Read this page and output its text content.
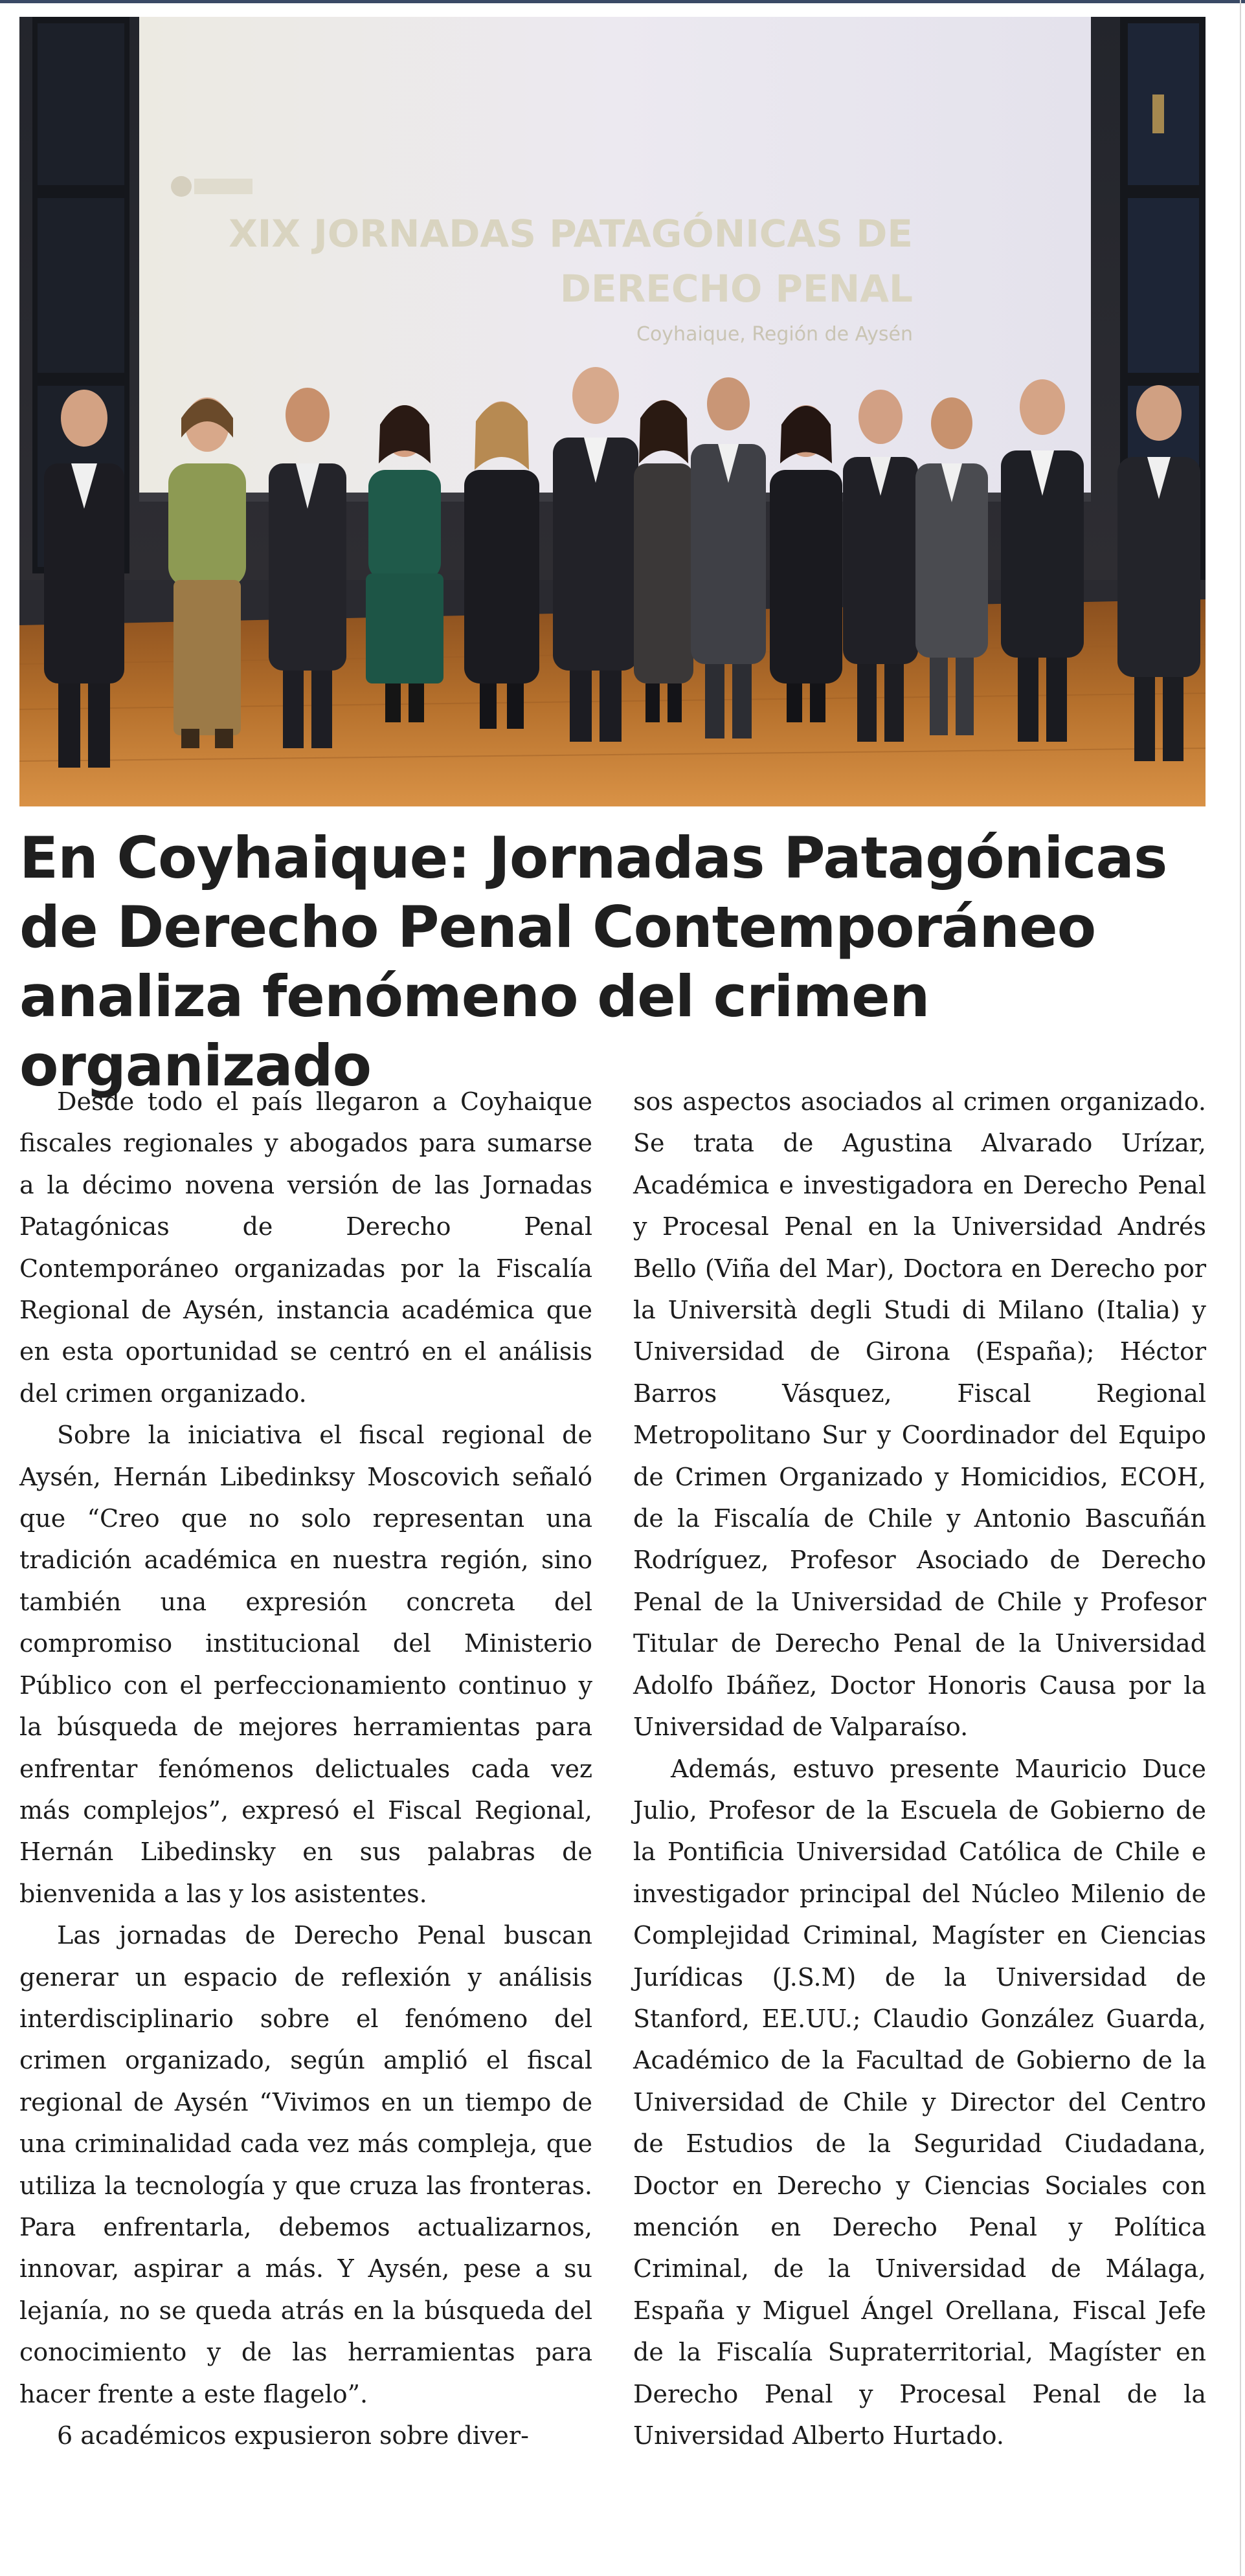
XIX JORNADAS PATAGÓNICAS DE
DERECHO PENAL
Coyhaique, Región de Aysén
En Coyhaique: Jornadas Patagónicas de Derecho Penal Contemporáneo analiza fenómeno del crimen organizado

Desde todo el país llegaron a Coyhaique fiscales regionales y abogados para sumarse a la décimo novena versión de las Jornadas Patagónicas de Derecho Penal Contemporáneo organizadas por la Fiscalía Regional de Aysén, instancia académica que en esta oportunidad se centró en el análisis del crimen organizado.

Sobre la iniciativa el fiscal regional de Aysén, Hernán Libedinksy Moscovich señaló que “Creo que no solo representan una tradición académica en nuestra región, sino también una expresión concreta del compromiso institucional del Ministerio Público con el perfeccionamiento continuo y la búsqueda de mejores herramientas para enfrentar fenómenos delictuales cada vez más complejos”, expresó el Fiscal Regional, Hernán Libedinsky en sus palabras de bienvenida a las y los asistentes.

Las jornadas de Derecho Penal buscan generar un espacio de reflexión y análisis interdisciplinario sobre el fenómeno del crimen organizado, según amplió el fiscal regional de Aysén “Vivimos en un tiempo de una criminalidad cada vez más compleja, que utiliza la tecnología y que cruza las fronteras. Para enfrentarla, debemos actualizarnos, innovar, aspirar a más. Y Aysén, pese a su lejanía, no se queda atrás en la búsqueda del conocimiento y de las herramientas para hacer frente a este flagelo”.

6 académicos expusieron sobre diver-

sos aspectos asociados al crimen organizado. Se trata de Agustina Alvarado Urízar, Académica e investigadora en Derecho Penal y Procesal Penal en la Universidad Andrés Bello (Viña del Mar), Doctora en Derecho por la Università degli Studi di Milano (Italia) y Universidad de Girona (España); Héctor Barros Vásquez, Fiscal Regional Metropolitano Sur y Coordinador del Equipo de Crimen Organizado y Homicidios, ECOH, de la Fiscalía de Chile y Antonio Bascuñán Rodríguez, Profesor Asociado de Derecho Penal de la Universidad de Chile y Profesor Titular de Derecho Penal de la Universidad Adolfo Ibáñez, Doctor Honoris Causa por la Universidad de Valparaíso.

Además, estuvo presente Mauricio Duce Julio, Profesor de la Escuela de Gobierno de la Pontificia Universidad Católica de Chile e investigador principal del Núcleo Milenio de Complejidad Criminal, Magíster en Ciencias Jurídicas (J.S.M) de la Universidad de Stanford, EE.UU.; Claudio González Guarda, Académico de la Facultad de Gobierno de la Universidad de Chile y Director del Centro de Estudios de la Seguridad Ciudadana, Doctor en Derecho y Ciencias Sociales con mención en Derecho Penal y Política Criminal, de la Universidad de Málaga, España y Miguel Ángel Orellana, Fiscal Jefe de la Fiscalía Supraterritorial, Magíster en Derecho Penal y Procesal Penal de la Universidad Alberto Hurtado.
